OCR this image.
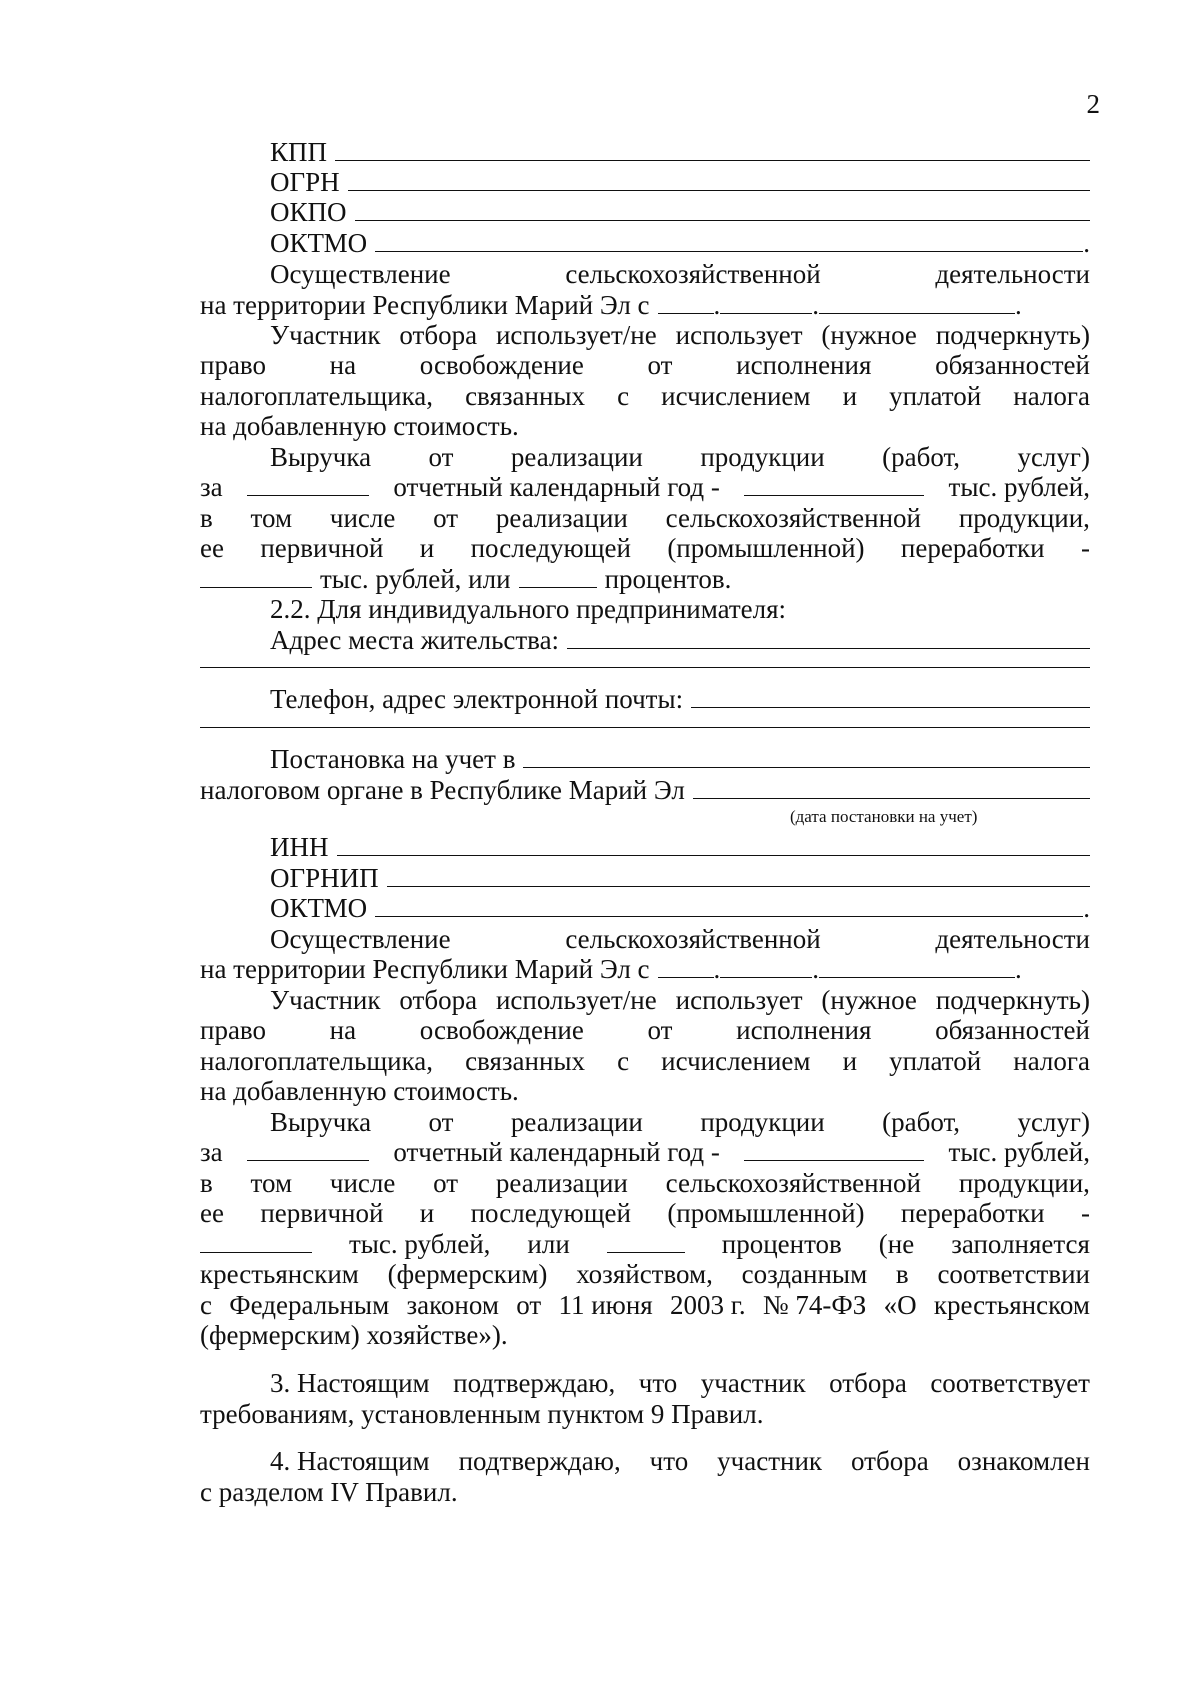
2
КПП
ОГРН
ОКПО
ОКТМО	.
Осуществление	сельскохозяйственной	деятельности
на территории Республики Марий Эл с .	.	.
Участник отбора использует/не использует (нужное подчеркнуть)
право на освобождение от исполнения обязанностей
налогоплательщика, связанных с исчислением и уплатой налога
на добавленную стоимость.
Выручка от реализации продукции (работ, услуг)
за	отчетный календарный год -	тыс. рублей,
в том числе от реализации сельскохозяйственной продукции,
ее первичной и последующей (промышленной) переработки -
тыс. рублей, или	процентов.
2.2. Для индивидуального предпринимателя:
Адрес места жительства:
Телефон, адрес электронной почты:
Постановка на учет в
налоговом органе в Республике Марий Эл
(дата постановки на учет)
ИНН
ОГРНИП
ОКТМО	.
Осуществление	сельскохозяйственной	деятельности
на территории Республики Марий Эл с .	.	.
Участник отбора использует/не использует (нужное подчеркнуть)
право на освобождение от исполнения обязанностей
налогоплательщика, связанных с исчислением и уплатой налога
на добавленную стоимость.
Выручка от реализации продукции (работ, услуг)
за	отчетный календарный год -	тыс. рублей,
в том числе от реализации сельскохозяйственной продукции,
ее первичной и последующей (промышленной) переработки -
тыс. рублей, или	процентов (не заполняется
крестьянским (фермерским) хозяйством, созданным в соответствии
с Федеральным законом от 11 июня 2003 г. № 74-ФЗ «О крестьянском
(фермерским) хозяйстве»).
3. Настоящим подтверждаю, что участник отбора соответствует
требованиям, установленным пунктом 9 Правил.
4. Настоящим подтверждаю, что участник отбора ознакомлен
с разделом IV Правил.
